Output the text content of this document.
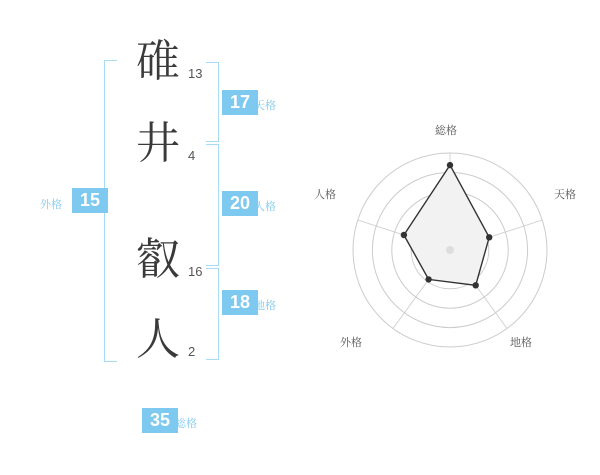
外格 15
碓 13
井 4
叡 16
人 2
17 天格
20 人格
18 地格
35 総格
総格
天格
地格
外格
人格
